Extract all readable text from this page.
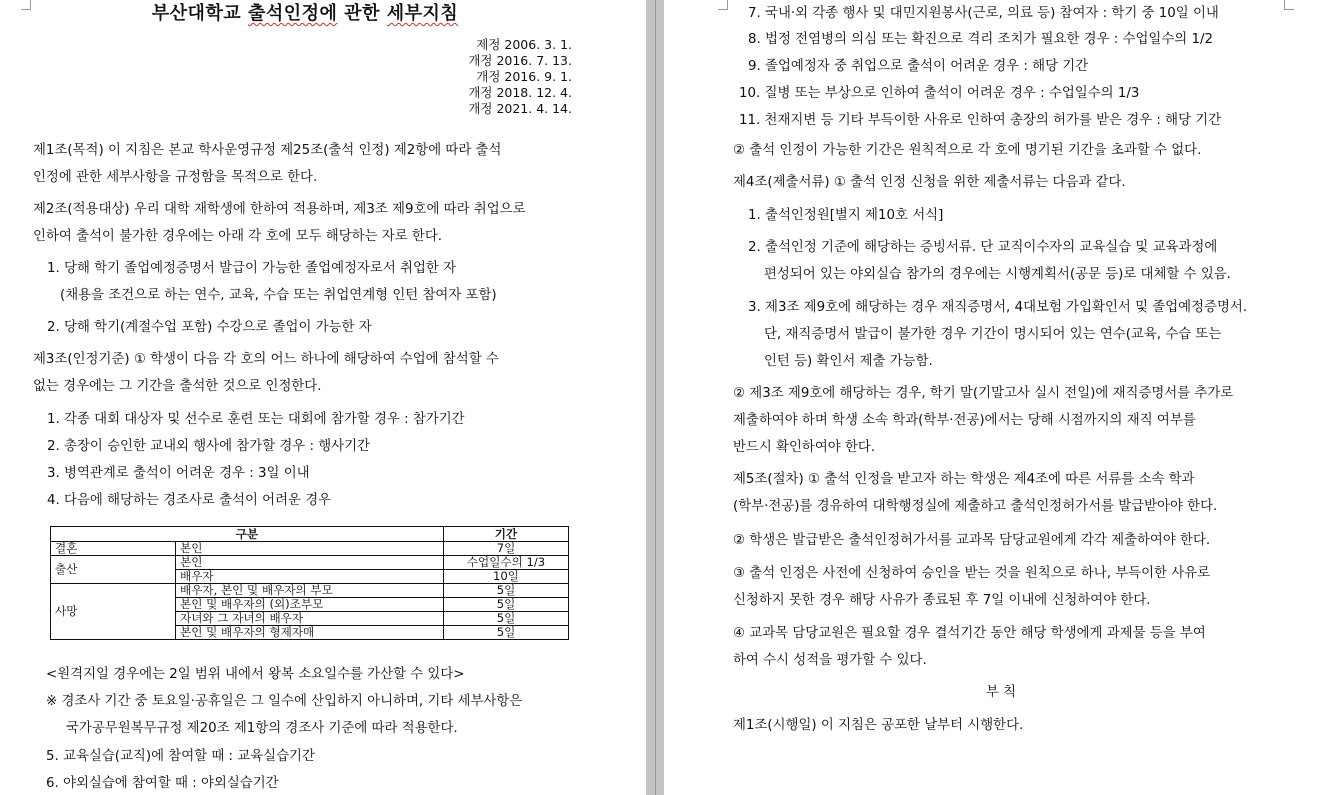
부산대학교 출석인정에 관한 세부지침
제정 2006. 3. 1.
개정 2016. 7. 13.
개정 2016. 9. 1.
개정 2018. 12. 4.
개정 2021. 4. 14.
제1조(목적) 이 지침은 본교 학사운영규정 제25조(출석 인정) 제2항에 따라 출석
인정에 관한 세부사항을 규정함을 목적으로 한다.
제2조(적용대상) 우리 대학 재학생에 한하여 적용하며, 제3조 제9호에 따라 취업으로
인하여 출석이 불가한 경우에는 아래 각 호에 모두 해당하는 자로 한다.
1. 당해 학기 졸업예정증명서 발급이 가능한 졸업예정자로서 취업한 자
(채용을 조건으로 하는 연수, 교육, 수습 또는 취업연계형 인턴 참여자 포함)
2. 당해 학기(계절수업 포함) 수강으로 졸업이 가능한 자
제3조(인정기준) ① 학생이 다음 각 호의 어느 하나에 해당하여 수업에 참석할 수
없는 경우에는 그 기간을 출석한 것으로 인정한다.
1. 각종 대회 대상자 및 선수로 훈련 또는 대회에 참가할 경우 : 참가기간
2. 총장이 승인한 교내외 행사에 참가할 경우 : 행사기간
3. 병역관계로 출석이 어려운 경우 : 3일 이내
4. 다음에 해당하는 경조사로 출석이 어려운 경우
구분		기간
결혼	본인	7일
출산	본인	수업일수의 1/3
	배우자	10일
사망	배우자, 본인 및 배우자의 부모	5일
	본인 및 배우자의 (외)조부모	5일
	자녀와 그 자녀의 배우자	5일
	본인 및 배우자의 형제자매	5일
<원격지일 경우에는 2일 범위 내에서 왕복 소요일수를 가산할 수 있다>
※ 경조사 기간 중 토요일·공휴일은 그 일수에 산입하지 아니하며, 기타 세부사항은
국가공무원복무규정 제20조 제1항의 경조사 기준에 따라 적용한다.
5. 교육실습(교직)에 참여할 때 : 교육실습기간
6. 야외실습에 참여할 때 : 야외실습기간
7. 국내·외 각종 행사 및 대민지원봉사(근로, 의료 등) 참여자 : 학기 중 10일 이내
8. 법정 전염병의 의심 또는 확진으로 격리 조치가 필요한 경우 : 수업일수의 1/2
9. 졸업예정자 중 취업으로 출석이 어려운 경우 : 해당 기간
10. 질병 또는 부상으로 인하여 출석이 어려운 경우 : 수업일수의 1/3
11. 천재지변 등 기타 부득이한 사유로 인하여 총장의 허가를 받은 경우 : 해당 기간
② 출석 인정이 가능한 기간은 원칙적으로 각 호에 명기된 기간을 초과할 수 없다.
제4조(제출서류) ① 출석 인정 신청을 위한 제출서류는 다음과 같다.
1. 출석인정원[별지 제10호 서식]
2. 출석인정 기준에 해당하는 증빙서류. 단 교직이수자의 교육실습 및 교육과정에
편성되어 있는 야외실습 참가의 경우에는 시행계획서(공문 등)로 대체할 수 있음.
3. 제3조 제9호에 해당하는 경우 재직증명서, 4대보험 가입확인서 및 졸업예정증명서.
단, 재직증명서 발급이 불가한 경우 기간이 명시되어 있는 연수(교육, 수습 또는
인턴 등) 확인서 제출 가능함.
② 제3조 제9호에 해당하는 경우, 학기 말(기말고사 실시 전일)에 재직증명서를 추가로
제출하여야 하며 학생 소속 학과(학부·전공)에서는 당해 시점까지의 재직 여부를
반드시 확인하여야 한다.
제5조(절차) ① 출석 인정을 받고자 하는 학생은 제4조에 따른 서류를 소속 학과
(학부·전공)를 경유하여 대학행정실에 제출하고 출석인정허가서를 발급받아야 한다.
② 학생은 발급받은 출석인정허가서를 교과목 담당교원에게 각각 제출하여야 한다.
③ 출석 인정은 사전에 신청하여 승인을 받는 것을 원칙으로 하나, 부득이한 사유로
신청하지 못한 경우 해당 사유가 종료된 후 7일 이내에 신청하여야 한다.
④ 교과목 담당교원은 필요할 경우 결석기간 동안 해당 학생에게 과제물 등을 부여
하여 수시 성적을 평가할 수 있다.
부 칙
제1조(시행일) 이 지침은 공포한 날부터 시행한다.
